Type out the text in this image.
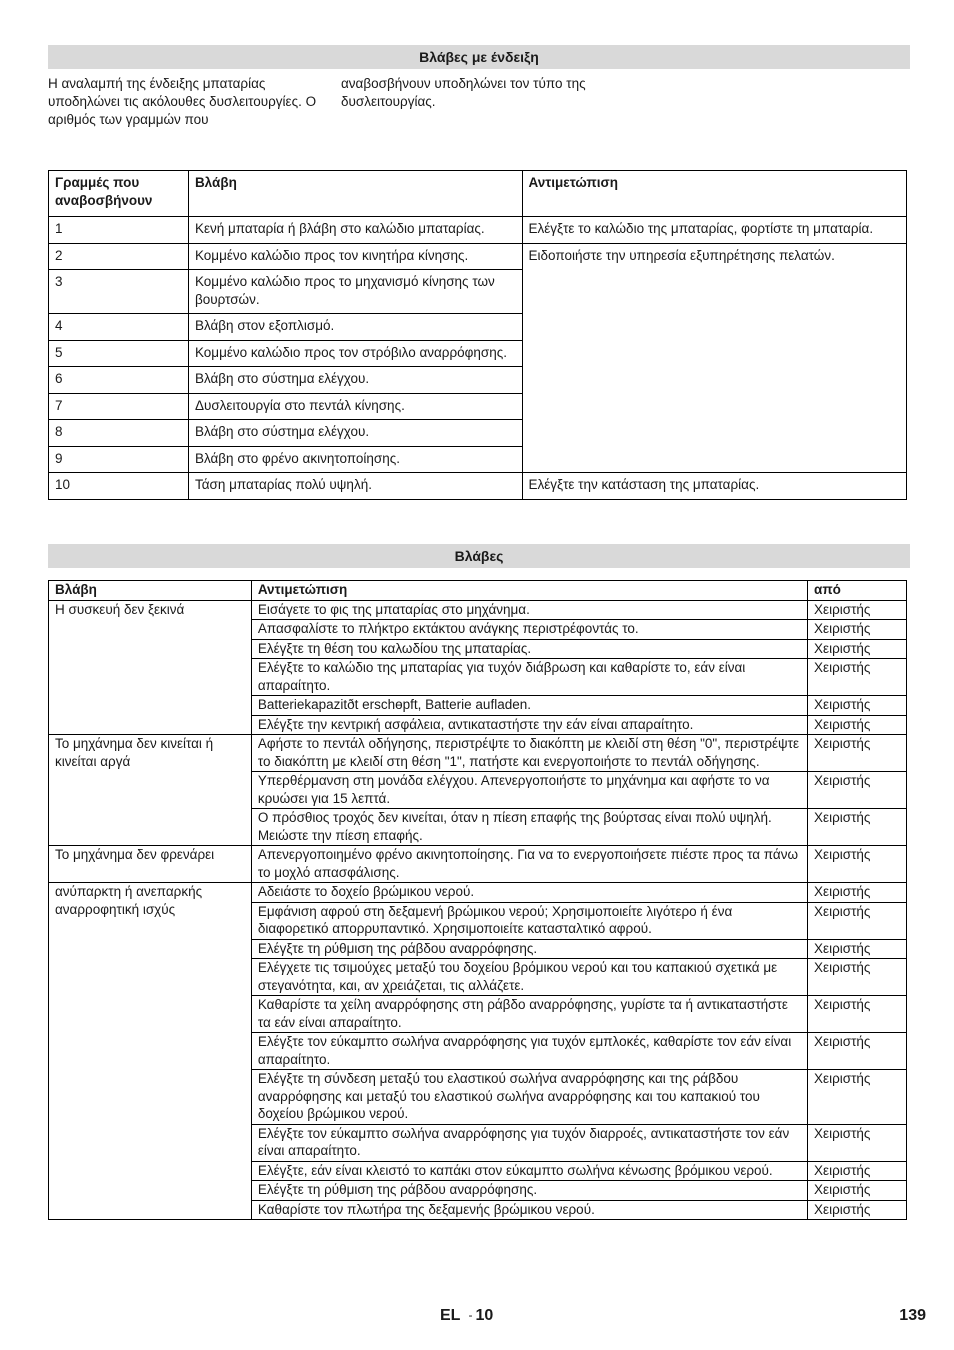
Βλάβες με ένδειξη
Η αναλαμπή της ένδειξης μπαταρίας υποδηλώνει τις ακόλουθες δυσλειτουργίες. Ο αριθμός των γραμμών που
αναβοσβήνουν υποδηλώνει τον τύπο της δυσλειτουργίας.
Γραμμές που αναβοσβήνουν	Βλάβη	Αντιμετώπιση
1	Κενή μπαταρία ή βλάβη στο καλώδιο μπαταρίας.	Ελέγξτε το καλώδιο της μπαταρίας, φορτίστε τη μπαταρία.
2	Κομμένο καλώδιο προς τον κινητήρα κίνησης.	Ειδοποιήστε την υπηρεσία εξυπηρέτησης πελατών.
3	Κομμένο καλώδιο προς το μηχανισμό κίνησης των βουρτσών.	
4	Βλάβη στον εξοπλισμό.	
5	Κομμένο καλώδιο προς τον στρόβιλο αναρρόφησης.	
6	Βλάβη στο σύστημα ελέγχου.	
7	Δυσλειτουργία στο πεντάλ κίνησης.	
8	Βλάβη στο σύστημα ελέγχου.	
9	Βλάβη στο φρένο ακινητοποίησης.	
10	Τάση μπαταρίας πολύ υψηλή.	Ελέγξτε την κατάσταση της μπαταρίας.
Βλάβες
Βλάβη	Αντιμετώπιση	από
Η συσκευή δεν ξεκινά	Εισάγετε το φις της μπαταρίας στο μηχάνημα.	Χειριστής
	Απασφαλίστε το πλήκτρο εκτάκτου ανάγκης περιστρέφοντάς το.	Χειριστής
	Ελέγξτε τη θέση του καλωδίου της μπαταρίας.	Χειριστής
	Ελέγξτε το καλώδιο της μπαταρίας για τυχόν διάβρωση και καθαρίστε το, εάν είναι απαραίτητο.	Χειριστής
	Batteriekapazitðt erschөpft, Batterie aufladen.	Χειριστής
	Ελέγξτε την κεντρική ασφάλεια, αντικαταστήστε την εάν είναι απαραίτητο.	Χειριστής
Το μηχάνημα δεν κινείται ή κινείται αργά	Αφήστε το πεντάλ οδήγησης, περιστρέψτε το διακόπτη με κλειδί στη θέση "0", περιστρέψτε το διακόπτη με κλειδί στη θέση "1", πατήστε και ενεργοποιήστε το πεντάλ οδήγησης.	Χειριστής
	Υπερθέρμανση στη μονάδα ελέγχου. Απενεργοποιήστε το μηχάνημα και αφήστε το να κρυώσει για 15 λεπτά.	Χειριστής
	Ο πρόσθιος τροχός δεν κινείται, όταν η πίεση επαφής της βούρτσας είναι πολύ υψηλή. Μειώστε την πίεση επαφής.	Χειριστής
Το μηχάνημα δεν φρενάρει	Απενεργοποιημένο φρένο ακινητοποίησης. Για να το ενεργοποιήσετε πιέστε προς τα πάνω το μοχλό απασφάλισης.	Χειριστής
ανύπαρκτη ή ανεπαρκής αναρροφητική ισχύς	Αδειάστε το δοχείο βρώμικου νερού.	Χειριστής
	Εμφάνιση αφρού στη δεξαμενή βρώμικου νερού; Χρησιμοποιείτε λιγότερο ή ένα διαφορετικό απορρυπαντικό. Χρησιμοποιείτε κατασταλτικό αφρού.	Χειριστής
	Ελέγξτε τη ρύθμιση της ράβδου αναρρόφησης.	Χειριστής
	Ελέγχετε τις τσιμούχες μεταξύ του δοχείου βρόμικου νερού και του καπακιού σχετικά με στεγανότητα, και, αν χρειάζεται, τις αλλάζετε.	Χειριστής
	Καθαρίστε τα χείλη αναρρόφησης στη ράβδο αναρρόφησης, γυρίστε τα ή αντικαταστήστε τα εάν είναι απαραίτητο.	Χειριστής
	Ελέγξτε τον εύκαμπτο σωλήνα αναρρόφησης για τυχόν εμπλοκές, καθαρίστε τον εάν είναι απαραίτητο.	Χειριστής
	Ελέγξτε τη σύνδεση μεταξύ του ελαστικού σωλήνα αναρρόφησης και της ράβδου αναρρόφησης και μεταξύ του ελαστικού σωλήνα αναρρόφησης και του καπακιού του δοχείου βρώμικου νερού.	Χειριστής
	Ελέγξτε τον εύκαμπτο σωλήνα αναρρόφησης για τυχόν διαρροές, αντικαταστήστε τον εάν είναι απαραίτητο.	Χειριστής
	Ελέγξτε, εάν είναι κλειστό το καπάκι στον εύκαμπτο σωλήνα κένωσης βρόμικου νερού.	Χειριστής
	Ελέγξτε τη ρύθμιση της ράβδου αναρρόφησης.	Χειριστής
	Καθαρίστε τον πλωτήρα της δεξαμενής βρώμικου νερού.	Χειριστής
EL - 10	139
